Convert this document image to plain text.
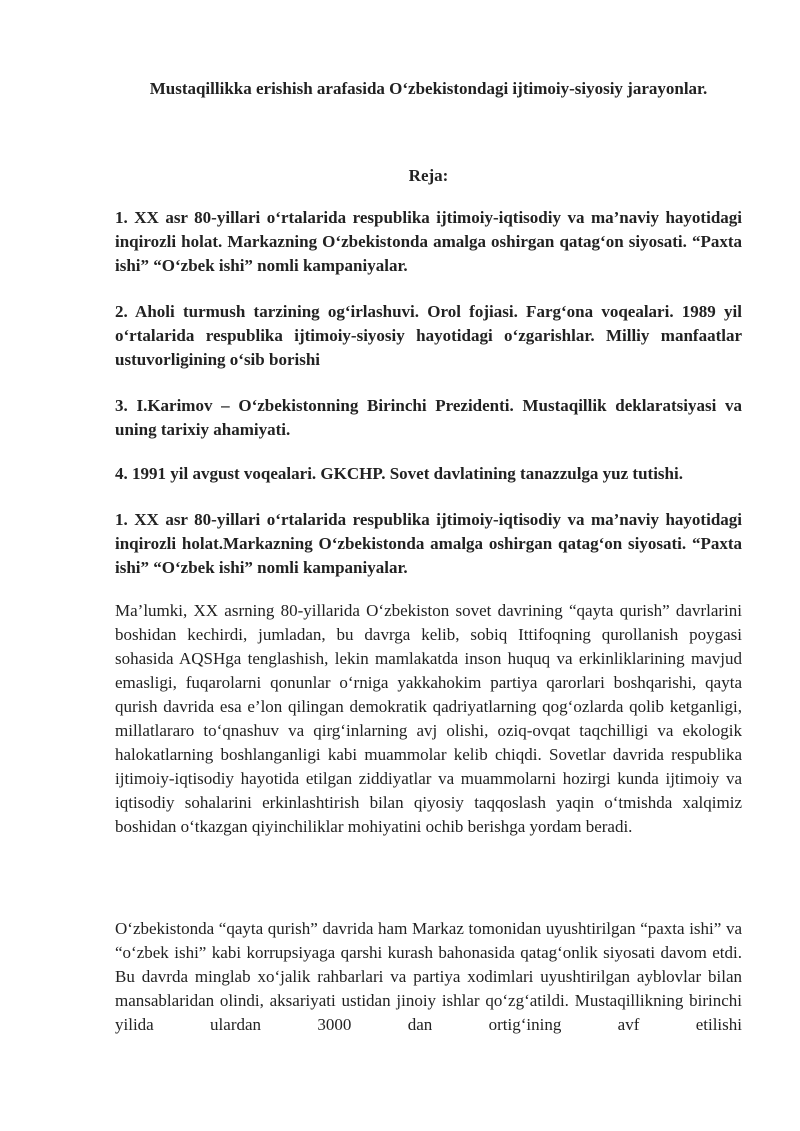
Mustaqillikka erishish arafasida O‘zbekistondagi ijtimoiy-siyosiy jarayonlar.
Reja:
1. XX asr 80-yillari o‘rtalarida respublika ijtimoiy-iqtisodiy va ma’naviy hayotidagi inqirozli holat. Markazning O‘zbekistonda amalga oshirgan qatag‘on siyosati. “Paxta ishi” “O‘zbek ishi” nomli kampaniyalar.
2. Aholi turmush tarzining og‘irlashuvi. Orol fojiasi. Farg‘ona voqealari. 1989 yil o‘rtalarida respublika ijtimoiy-siyosiy hayotidagi o‘zgarishlar. Milliy manfaatlar ustuvorligining o‘sib borishi
3. I.Karimov – O‘zbekistonning Birinchi Prezidenti. Mustaqillik deklaratsiyasi va uning tarixiy ahamiyati.
4. 1991 yil avgust voqealari. GKCHP. Sovet davlatining tanazzulga yuz tutishi.
1. XX asr 80-yillari o‘rtalarida respublika ijtimoiy-iqtisodiy va ma’naviy hayotidagi inqirozli holat.Markazning O‘zbekistonda amalga oshirgan qatag‘on siyosati. “Paxta ishi” “O‘zbek ishi” nomli kampaniyalar.
Ma’lumki, XX asrning 80-yillarida O‘zbekiston sovet davrining “qayta qurish” davrlarini boshidan kechirdi, jumladan, bu davrga kelib, sobiq Ittifoqning qurollanish poygasi sohasida AQSHga tenglashish, lekin mamlakatda inson huquq va erkinliklarining mavjud emasligi, fuqarolarni qonunlar o‘rniga yakkahokim partiya qarorlari boshqarishi, qayta qurish davrida esa e’lon qilingan demokratik qadriyatlarning qog‘ozlarda qolib ketganligi, millatlararo to‘qnashuv va qirg‘inlarning avj olishi, oziq-ovqat taqchilligi va ekologik halokatlarning boshlanganligi kabi muammolar kelib chiqdi. Sovetlar davrida respublika ijtimoiy-iqtisodiy hayotida etilgan ziddiyatlar va muammolarni hozirgi kunda ijtimoiy va iqtisodiy sohalarini erkinlashtirish bilan qiyosiy taqqoslash yaqin o‘tmishda xalqimiz boshidan o‘tkazgan qiyinchiliklar mohiyatini ochib berishga yordam beradi.
O‘zbekistonda “qayta qurish” davrida ham Markaz tomonidan uyushtirilgan “paxta ishi” va “o‘zbek ishi” kabi korrupsiyaga qarshi kurash bahonasida qatag‘onlik siyosati davom etdi. Bu davrda minglab xo‘jalik rahbarlari va partiya xodimlari uyushtirilgan ayblovlar bilan mansablaridan olindi, aksariyati ustidan jinoiy ishlar qo‘zg‘atildi. Mustaqillikning birinchi yilida ulardan 3000 dan ortig‘ining avf etilishi
